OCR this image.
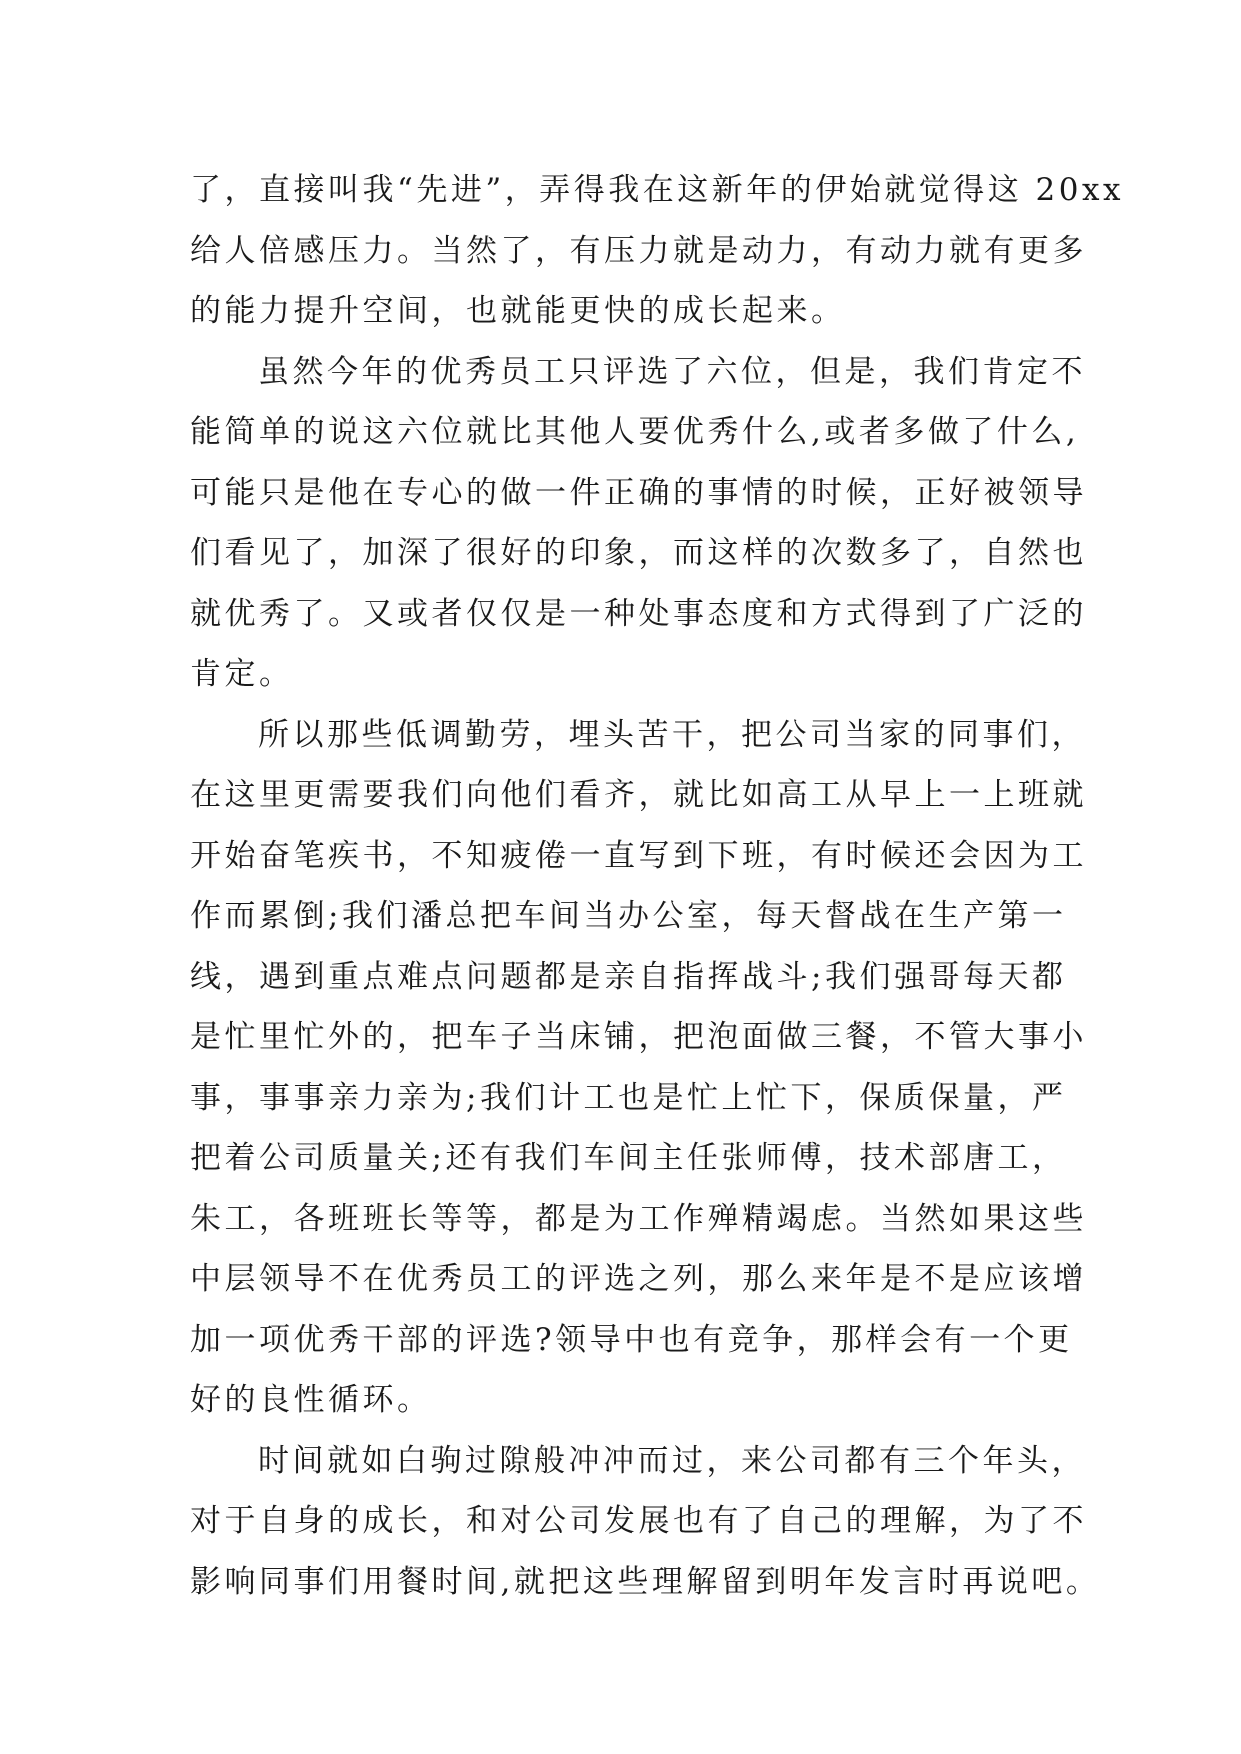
了，直接叫我“先进”，弄得我在这新年的伊始就觉得这 20xx
给人倍感压力。当然了，有压力就是动力，有动力就有更多
的能力提升空间，也就能更快的成长起来。
虽然今年的优秀员工只评选了六位，但是，我们肯定不
能简单的说这六位就比其他人要优秀什么,或者多做了什么,
可能只是他在专心的做一件正确的事情的时候，正好被领导
们看见了，加深了很好的印象，而这样的次数多了，自然也
就优秀了。又或者仅仅是一种处事态度和方式得到了广泛的
肯定。
所以那些低调勤劳，埋头苦干，把公司当家的同事们，
在这里更需要我们向他们看齐，就比如高工从早上一上班就
开始奋笔疾书，不知疲倦一直写到下班，有时候还会因为工
作而累倒;我们潘总把车间当办公室，每天督战在生产第一
线，遇到重点难点问题都是亲自指挥战斗;我们强哥每天都
是忙里忙外的，把车子当床铺，把泡面做三餐，不管大事小
事，事事亲力亲为;我们计工也是忙上忙下，保质保量，严
把着公司质量关;还有我们车间主任张师傅，技术部唐工，
朱工，各班班长等等，都是为工作殚精竭虑。当然如果这些
中层领导不在优秀员工的评选之列，那么来年是不是应该增
加一项优秀干部的评选?领导中也有竞争，那样会有一个更
好的良性循环。
时间就如白驹过隙般冲冲而过，来公司都有三个年头，
对于自身的成长，和对公司发展也有了自己的理解，为了不
影响同事们用餐时间,就把这些理解留到明年发言时再说吧。
